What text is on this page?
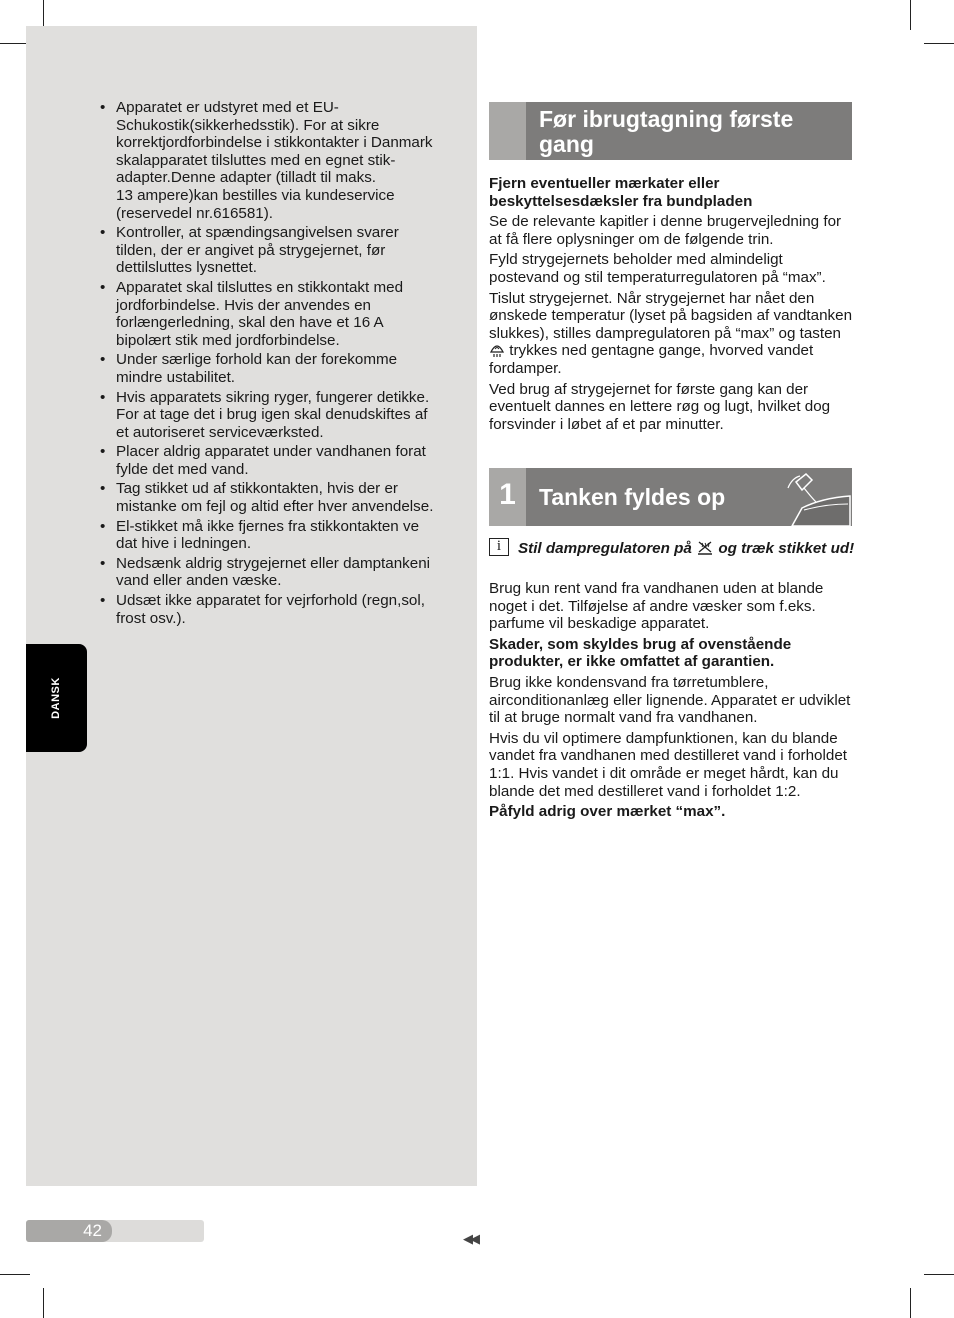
DANSK
• Apparatet er udstyret med et EU-
Schukostik(sikkerhedsstik). For at sikre
korrektjordforbindelse i stikkontakter i Danmark
skalapparatet tilsluttes med en egnet stik-
adapter.Denne adapter (tilladt til maks.
13 ampere)kan bestilles via kundeservice
(reservedel nr.616581).
• Kontroller, at spændingsangivelsen svarer
tilden, der er angivet på strygejernet, før
dettilsluttes lysnettet.
• Apparatet skal tilsluttes en stikkontakt med
jordforbindelse. Hvis der anvendes en
forlængerledning, skal den have et 16 A
bipolært stik med jordforbindelse.
• Under særlige forhold kan der forekomme
mindre ustabilitet.
• Hvis apparatets sikring ryger, fungerer detikke.
For at tage det i brug igen skal denudskiftes af
et autoriseret serviceværksted.
• Placer aldrig apparatet under vandhanen forat
fylde det med vand.
• Tag stikket ud af stikkontakten, hvis der er
mistanke om fejl og altid efter hver anvendelse.
• El-stikket må ikke fjernes fra stikkontakten ve
dat hive i ledningen.
• Nedsænk aldrig strygejernet eller damptankeni
vand eller anden væske.
• Udsæt ikke apparatet for vejrforhold (regn,sol,
frost osv.).
Før ibrugtagning første gang

Fjern eventueller mærkater eller beskyttelsesdæksler fra bundpladen

Se de relevante kapitler i denne brugervejledning for at få flere oplysninger om de følgende trin.

Fyld strygejernets beholder med almindeligt postevand og stil temperaturregulatoren på “max”.

Tislut strygejernet. Når strygejernet har nået den ønskede temperatur (lyset på bagsiden af vandtanken slukkes), stilles dampregulatoren på “max” og tasten  trykkes ned gentagne gange, hvorved vandet fordamper.

Ved brug af strygejernet for første gang kan der eventuelt dannes en lettere røg og lugt, hvilket dog forsvinder i løbet af et par minutter.

1	Tanken fyldes op
i	Stil dampregulatoren på og træk stikket ud!

Brug kun rent vand fra vandhanen uden at blande noget i det. Tilføjelse af andre væsker som f.eks. parfume vil beskadige apparatet.

Skader, som skyldes brug af ovenstående produkter, er ikke omfattet af garantien.

Brug ikke kondensvand fra tørretumblere, airconditionanlæg eller lignende. Apparatet er udviklet til at bruge normalt vand fra vandhanen.

Hvis du vil optimere dampfunktionen, kan du blande vandet fra vandhanen med destilleret vand i forholdet 1:1. Hvis vandet i dit område er meget hårdt, kan du blande det med destilleret vand i forholdet 1:2.

Påfyld adrig over mærket “max”.

42	◀◀
